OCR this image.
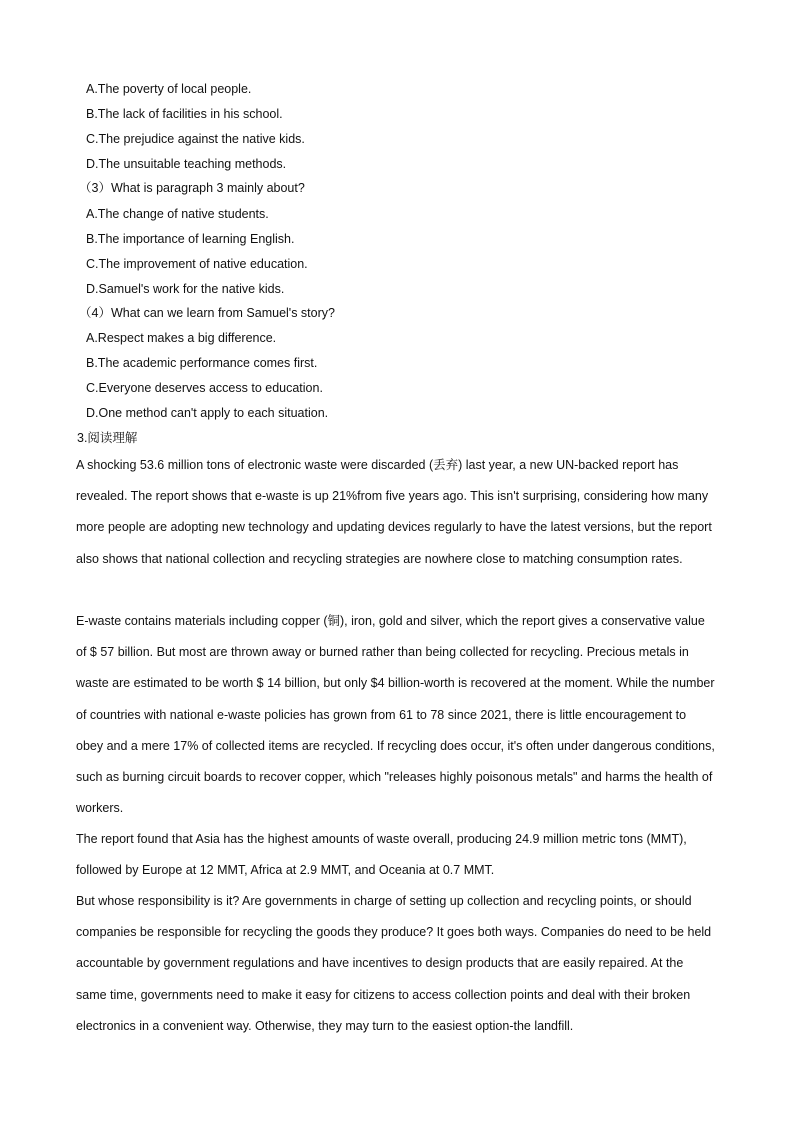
A.The poverty of local people.
B.The lack of facilities in his school.
C.The prejudice against the native kids.
D.The unsuitable teaching methods.
（3）What is paragraph 3 mainly about?
A.The change of native students.
B.The importance of learning English.
C.The improvement of native education.
D.Samuel's work for the native kids.
（4）What can we learn from Samuel's story?
A.Respect makes a big difference.
B.The academic performance comes first.
C.Everyone deserves access to education.
D.One method can't apply to each situation.
3.阅读理解

A shocking 53.6 million tons of electronic waste were discarded (丢弃) last year, a new UN-backed report has revealed. The report shows that e-waste is up 21%from five years ago. This isn't surprising, considering how many more people are adopting new technology and updating devices regularly to have the latest versions, but the report also shows that national collection and recycling strategies are nowhere close to matching consumption rates.

E-waste contains materials including copper (铜), iron, gold and silver, which the report gives a conservative value of $ 57 billion. But most are thrown away or burned rather than being collected for recycling. Precious metals in waste are estimated to be worth $ 14 billion, but only $4 billion-worth is recovered at the moment. While the number of countries with national e-waste policies has grown from 61 to 78 since 2021, there is little encouragement to obey and a mere 17% of collected items are recycled. If recycling does occur, it's often under dangerous conditions, such as burning circuit boards to recover copper, which "releases highly poisonous metals" and harms the health of workers.

The report found that Asia has the highest amounts of waste overall, producing 24.9 million metric tons (MMT), followed by Europe at 12 MMT, Africa at 2.9 MMT, and Oceania at 0.7 MMT.

But whose responsibility is it? Are governments in charge of setting up collection and recycling points, or should companies be responsible for recycling the goods they produce? It goes both ways. Companies do need to be held accountable by government regulations and have incentives to design products that are easily repaired. At the same time, governments need to make it easy for citizens to access collection points and deal with their broken electronics in a convenient way. Otherwise, they may turn to the easiest option-the landfill.
